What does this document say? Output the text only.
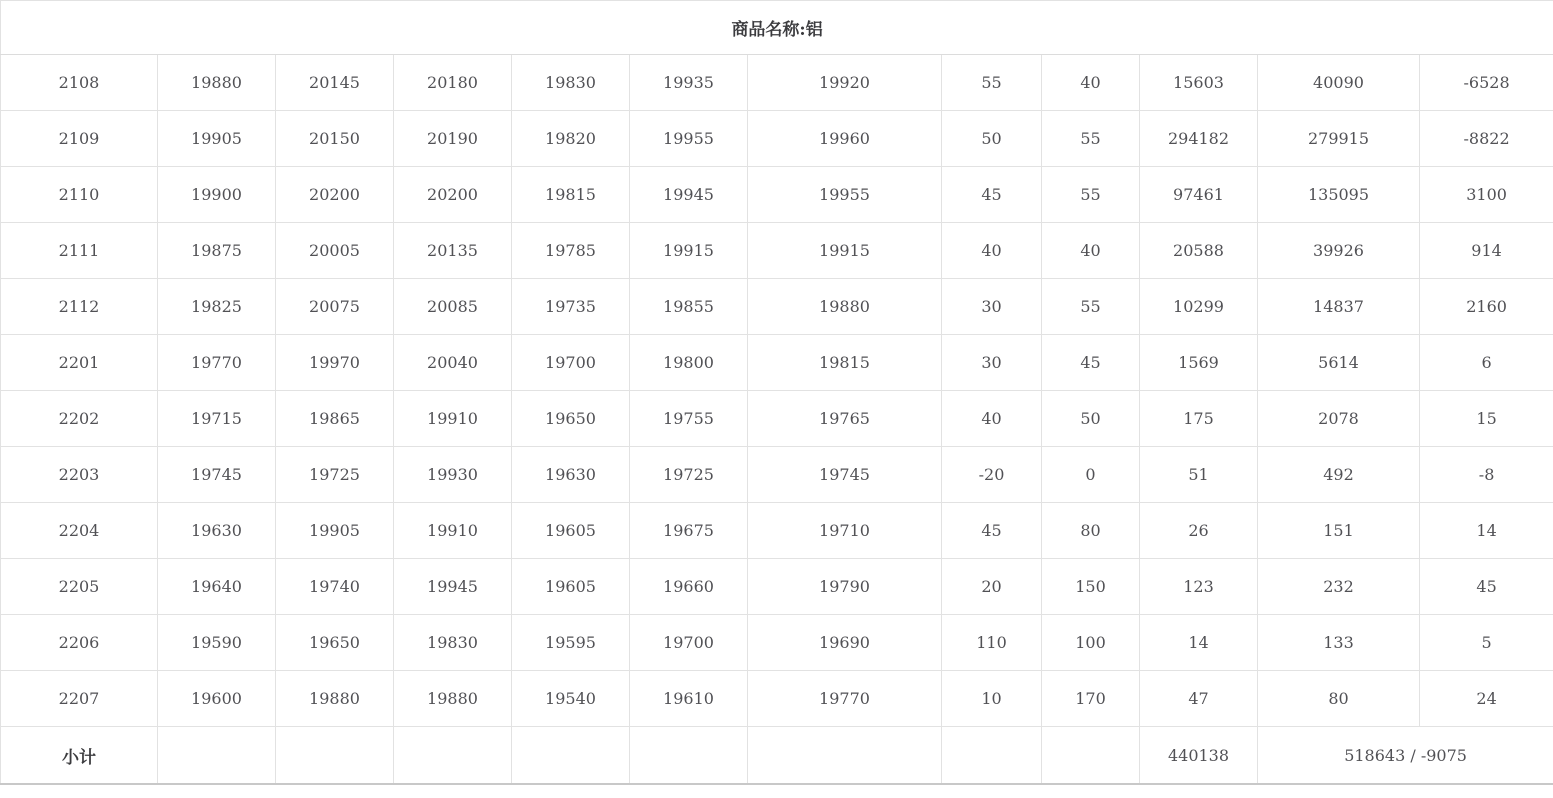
商品名称:铝											
2108	19880	20145	20180	19830	19935	19920	55	40	15603	40090	-6528
2109	19905	20150	20190	19820	19955	19960	50	55	294182	279915	-8822
2110	19900	20200	20200	19815	19945	19955	45	55	97461	135095	3100
2111	19875	20005	20135	19785	19915	19915	40	40	20588	39926	914
2112	19825	20075	20085	19735	19855	19880	30	55	10299	14837	2160
2201	19770	19970	20040	19700	19800	19815	30	45	1569	5614	6
2202	19715	19865	19910	19650	19755	19765	40	50	175	2078	15
2203	19745	19725	19930	19630	19725	19745	-20	0	51	492	-8
2204	19630	19905	19910	19605	19675	19710	45	80	26	151	14
2205	19640	19740	19945	19605	19660	19790	20	150	123	232	45
2206	19590	19650	19830	19595	19700	19690	110	100	14	133	5
2207	19600	19880	19880	19540	19610	19770	10	170	47	80	24
小计									440138	518643 / -9075	
